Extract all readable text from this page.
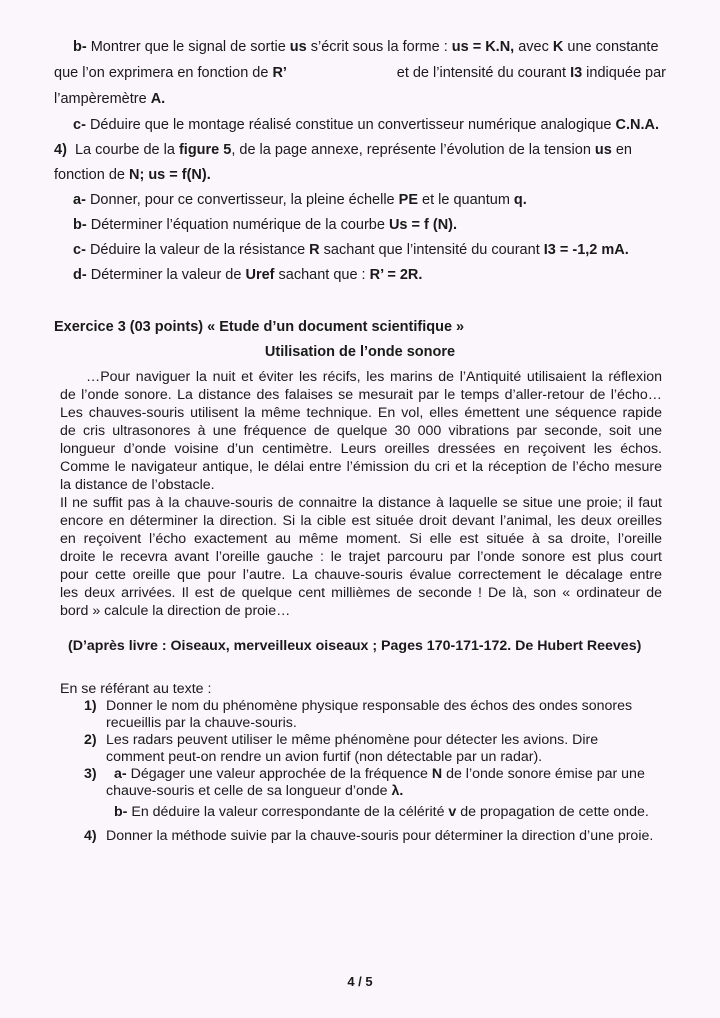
b- Montrer que le signal de sortie us s’écrit sous la forme : us = K.N, avec K une constante
que l’on exprimera en fonction de R’	et de l’intensité du courant I3 indiquée par
l’ampèremètre A.
c- Déduire que le montage réalisé constitue un convertisseur numérique analogique C.N.A.
4) La courbe de la figure 5, de la page annexe, représente l’évolution de la tension us en
fonction de N; us = f(N).
a- Donner, pour ce convertisseur, la pleine échelle PE et le quantum q.
b- Déterminer l’équation numérique de la courbe Us = f (N).
c- Déduire la valeur de la résistance R sachant que l’intensité du courant I3 = -1,2 mA.
d- Déterminer la valeur de Uref sachant que : R’ = 2R.
Exercice 3 (03 points) « Etude d’un document scientifique »
Utilisation de l’onde sonore
…Pour naviguer la nuit et éviter les récifs, les marins de l’Antiquité utilisaient la réflexion
de l’onde sonore. La distance des falaises se mesurait par le temps d’aller-retour de l’écho…
Les chauves-souris utilisent la même technique. En vol, elles émettent une séquence rapide
de cris ultrasonores à une fréquence de quelque 30 000 vibrations par seconde, soit une
longueur d’onde voisine d’un centimètre. Leurs oreilles dressées en reçoivent les échos.
Comme le navigateur antique, le délai entre l’émission du cri et la réception de l’écho mesure
la distance de l’obstacle.
Il ne suffit pas à la chauve-souris de connaitre la distance à laquelle se situe une proie; il faut
encore en déterminer la direction. Si la cible est située droit devant l’animal, les deux oreilles
en reçoivent l’écho exactement au même moment. Si elle est située à sa droite, l’oreille
droite le recevra avant l’oreille gauche : le trajet parcouru par l’onde sonore est plus court
pour cette oreille que pour l’autre. La chauve-souris évalue correctement le décalage entre
les deux arrivées. Il est de quelque cent millièmes de seconde ! De là, son « ordinateur de
bord » calcule la direction de proie…
(D’après livre : Oiseaux, merveilleux oiseaux ; Pages 170-171-172. De Hubert Reeves)
En se référant au texte :
1) Donner le nom du phénomène physique responsable des échos des ondes sonores
recueillis par la chauve-souris.
2) Les radars peuvent utiliser le même phénomène pour détecter les avions. Dire
comment peut-on rendre un avion furtif (non détectable par un radar).
3) a- Dégager une valeur approchée de la fréquence N de l’onde sonore émise par une
chauve-souris et celle de sa longueur d’onde λ.
b- En déduire la valeur correspondante de la célérité v de propagation de cette onde.
4) Donner la méthode suivie par la chauve-souris pour déterminer la direction d’une proie.
4 / 5
